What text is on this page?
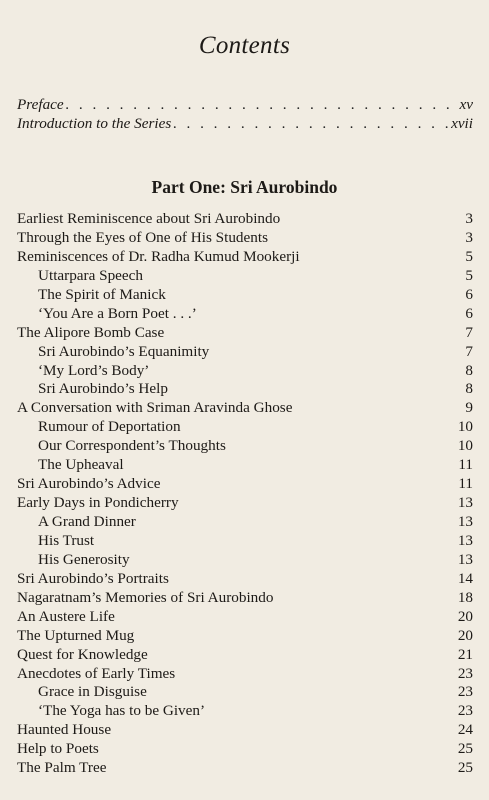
Contents
Preface . . .	xv
Introduction to the Series . . .	xvii
Part One: Sri Aurobindo
Earliest Reminiscence about Sri Aurobindo	3
Through the Eyes of One of His Students	3
Reminiscences of Dr. Radha Kumud Mookerji	5
Uttarpara Speech	5
The Spirit of Manick	6
‘You Are a Born Poet . . .’	6
The Alipore Bomb Case	7
Sri Aurobindo’s Equanimity	7
‘My Lord’s Body’	8
Sri Aurobindo’s Help	8
A Conversation with Sriman Aravinda Ghose	9
Rumour of Deportation	10
Our Correspondent’s Thoughts	10
The Upheaval	11
Sri Aurobindo’s Advice	11
Early Days in Pondicherry	13
A Grand Dinner	13
His Trust	13
His Generosity	13
Sri Aurobindo’s Portraits	14
Nagaratnam’s Memories of Sri Aurobindo	18
An Austere Life	20
The Upturned Mug	20
Quest for Knowledge	21
Anecdotes of Early Times	23
Grace in Disguise	23
‘The Yoga has to be Given’	23
Haunted House	24
Help to Poets	25
The Palm Tree	25
